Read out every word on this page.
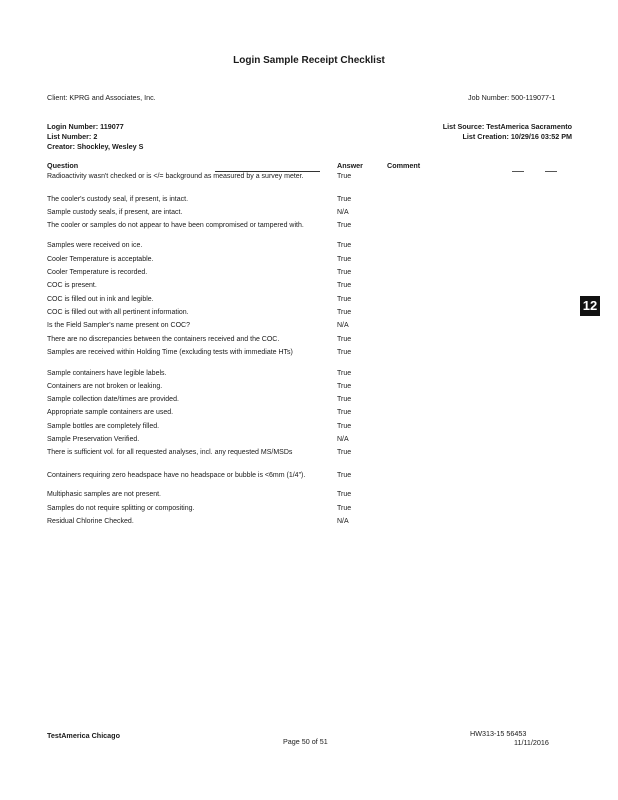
Login Sample Receipt Checklist
Client: KPRG and Associates, Inc.	Job Number: 500-119077-1
Login Number: 119077
List Number: 2
Creator: Shockley, Wesley S
List Source: TestAmerica Sacramento
List Creation: 10/29/16 03:52 PM
Question	Answer	Comment
Radioactivity wasn't checked or is </= background as measured by a survey meter.	True
The cooler's custody seal, if present, is intact.	True
Sample custody seals, if present, are intact.	N/A
The cooler or samples do not appear to have been compromised or tampered with.	True
Samples were received on ice.	True
Cooler Temperature is acceptable.	True
Cooler Temperature is recorded.	True
COC is present.	True
COC is filled out in ink and legible.	True
COC is filled out with all pertinent information.	True
Is the Field Sampler's name present on COC?	N/A
There are no discrepancies between the containers received and the COC.	True
Samples are received within Holding Time (excluding tests with immediate HTs)	True
Sample containers have legible labels.	True
Containers are not broken or leaking.	True
Sample collection date/times are provided.	True
Appropriate sample containers are used.	True
Sample bottles are completely filled.	True
Sample Preservation Verified.	N/A
There is sufficient vol. for all requested analyses, incl. any requested MS/MSDs	True
Containers requiring zero headspace have no headspace or bubble is <6mm (1/4").	True
Multiphasic samples are not present.	True
Samples do not require splitting or compositing.	True
Residual Chlorine Checked.	N/A
12
TestAmerica Chicago
Page 50 of 51
HW313-15 56453
11/11/2016
